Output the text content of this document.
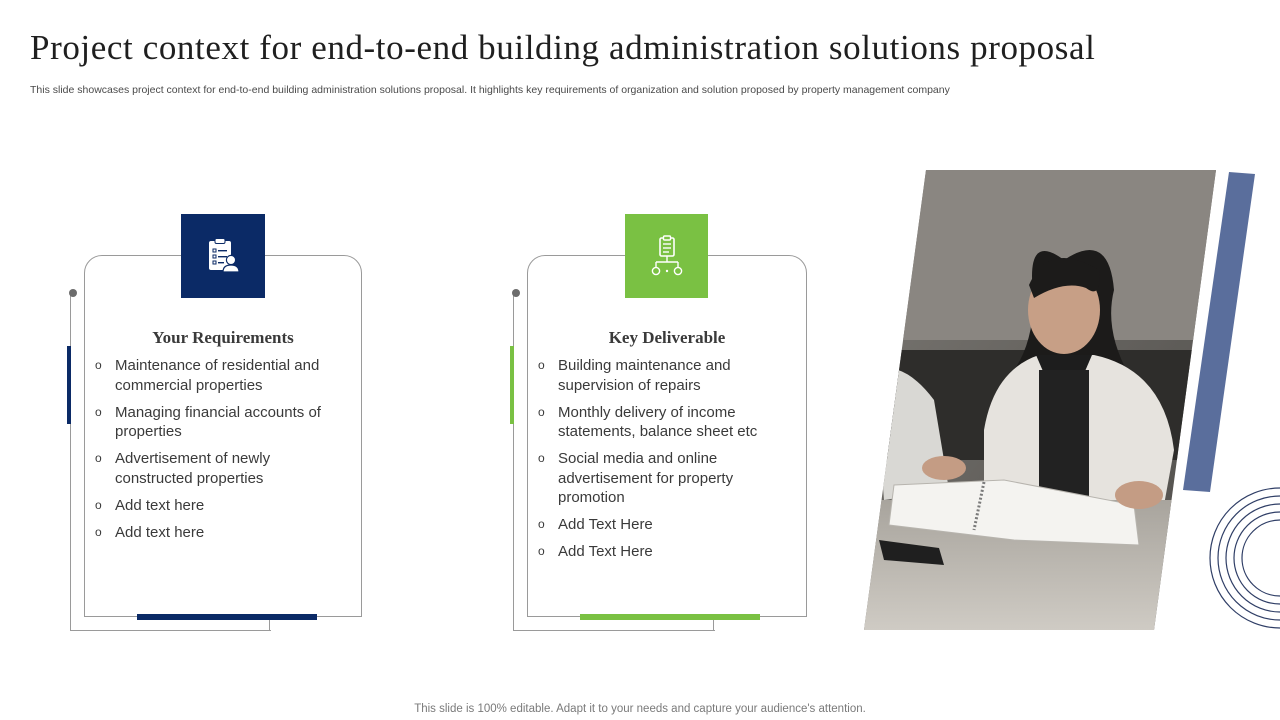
Project context for end-to-end building administration solutions proposal
This slide showcases project context for end-to-end building administration solutions proposal. It highlights key requirements of organization and solution proposed by property management company
Your Requirements
o Maintenance of residential and commercial properties
o Managing financial accounts of properties
o Advertisement of newly constructed properties
o Add text here
o Add text here
Key Deliverable
o Building maintenance and supervision of repairs
o Monthly delivery of income statements, balance sheet etc
o Social media and online advertisement for property promotion
o Add Text Here
o Add Text Here
This slide is 100% editable. Adapt it to your needs and capture your audience's attention.
